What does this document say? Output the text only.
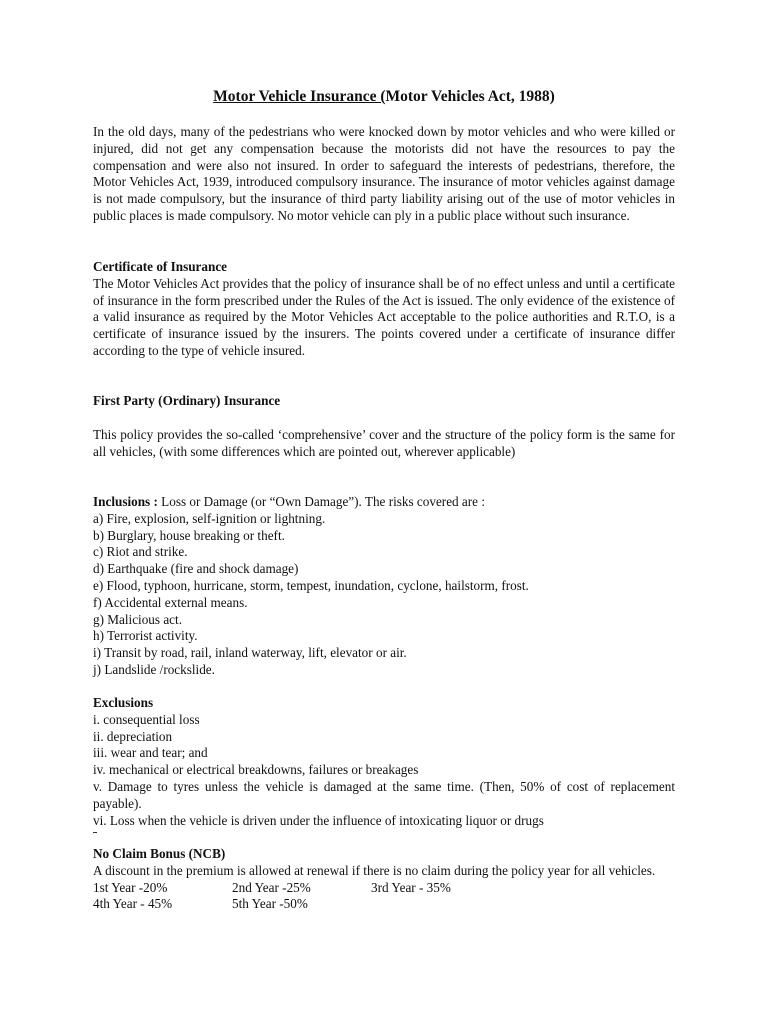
Motor Vehicle Insurance (Motor Vehicles Act, 1988)

In the old days, many of the pedestrians who were knocked down by motor vehicles and who were killed or injured, did not get any compensation because the motorists did not have the resources to pay the compensation and were also not insured. In order to safeguard the interests of pedestrians, therefore, the Motor Vehicles Act, 1939, introduced compulsory insurance. The insurance of motor vehicles against damage is not made compulsory, but the insurance of third party liability arising out of the use of motor vehicles in public places is made compulsory. No motor vehicle can ply in a public place without such insurance.

Certificate of Insurance
The Motor Vehicles Act provides that the policy of insurance shall be of no effect unless and until a certificate of insurance in the form prescribed under the Rules of the Act is issued. The only evidence of the existence of a valid insurance as required by the Motor Vehicles Act acceptable to the police authorities and R.T.O, is a certificate of insurance issued by the insurers. The points covered under a certificate of insurance differ according to the type of vehicle insured.
First Party (Ordinary) Insurance
This policy provides the so-called ‘comprehensive’ cover and the structure of the policy form is the same for all vehicles, (with some differences which are pointed out, wherever applicable)
Inclusions : Loss or Damage (or “Own Damage”). The risks covered are :
a) Fire, explosion, self-ignition or lightning.
b) Burglary, house breaking or theft.
c) Riot and strike.
d) Earthquake (fire and shock damage)
e) Flood, typhoon, hurricane, storm, tempest, inundation, cyclone, hailstorm, frost.
f) Accidental external means.
g) Malicious act.
h) Terrorist activity.
i) Transit by road, rail, inland waterway, lift, elevator or air.
j) Landslide /rockslide.
Exclusions
i. consequential loss
ii. depreciation
iii. wear and tear; and
iv. mechanical or electrical breakdowns, failures or breakages
v. Damage to tyres unless the vehicle is damaged at the same time. (Then, 50% of cost of replacement payable).
vi. Loss when the vehicle is driven under the influence of intoxicating liquor or drugs
No Claim Bonus (NCB)
A discount in the premium is allowed at renewal if there is no claim during the policy year for all vehicles.
1st Year -20%	2nd Year -25%	3rd Year - 35%
4th Year - 45%	5th Year -50%
